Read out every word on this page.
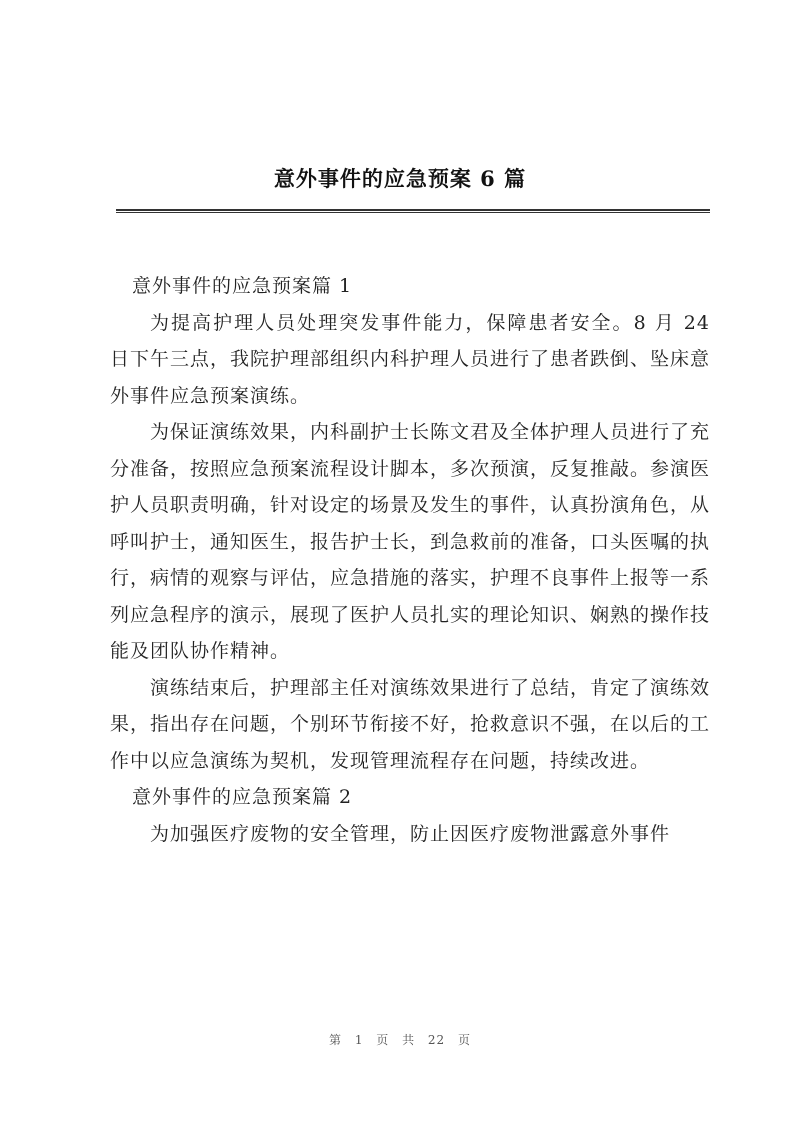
意外事件的应急预案 6 篇

意外事件的应急预案篇 1

为提高护理人员处理突发事件能力，保障患者安全。8 月 24 日下午三点，我院护理部组织内科护理人员进行了患者跌倒、坠床意外事件应急预案演练。

为保证演练效果，内科副护士长陈文君及全体护理人员进行了充分准备，按照应急预案流程设计脚本，多次预演，反复推敲。参演医护人员职责明确，针对设定的场景及发生的事件，认真扮演角色，从呼叫护士，通知医生，报告护士长，到急救前的准备，口头医嘱的执行，病情的观察与评估，应急措施的落实，护理不良事件上报等一系列应急程序的演示，展现了医护人员扎实的理论知识、娴熟的操作技能及团队协作精神。

演练结束后，护理部主任对演练效果进行了总结，肯定了演练效果，指出存在问题，个别环节衔接不好，抢救意识不强，在以后的工作中以应急演练为契机，发现管理流程存在问题，持续改进。

意外事件的应急预案篇 2

为加强医疗废物的安全管理，防止因医疗废物泄露意外事件

第 1 页 共 22 页
